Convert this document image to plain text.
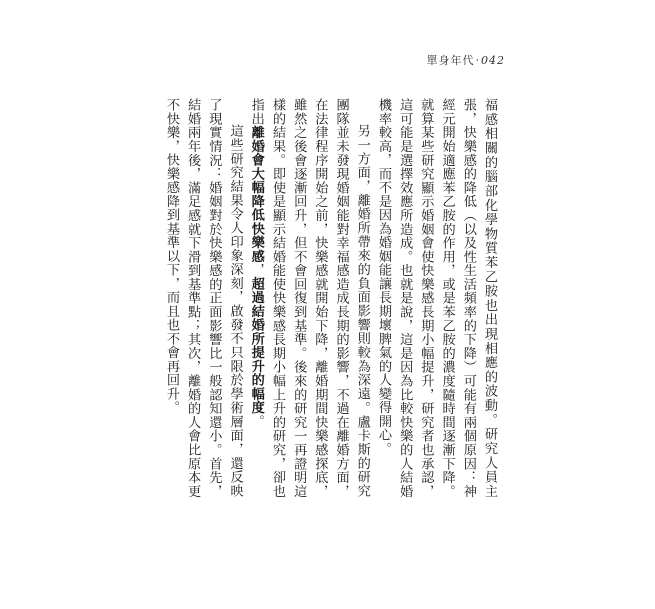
單身年代‧042

福感相關的腦部化學物質苯乙胺也出現相應的波動。研究人員主張，快樂感的降低（以及性生活頻率的下降）可能有兩個原因：神經元開始適應苯乙胺的作用，或是苯乙胺的濃度隨時間逐漸下降。就算某些研究顯示婚姻會使快樂感長期小幅提升，研究者也承認，這可能是選擇效應所造成。也就是說，這是因為比較快樂的人結婚機率較高，而不是因為婚姻能讓長期壞脾氣的人變得開心。

另一方面，離婚所帶來的負面影響則較為深遠。盧卡斯的研究團隊並未發現婚姻能對幸福感造成長期的影響，不過在離婚方面，在法律程序開始之前，快樂感就開始下降，離婚期間快樂感探底，雖然之後會逐漸回升，但不會回復到基準。後來的研究一再證明這樣的結果。即使是顯示結婚能使快樂感長期小幅上升的研究，卻也指出離婚會大幅降低快樂感，超過結婚所提升的幅度。

這些研究結果令人印象深刻，啟發不只限於學術層面，還反映了現實情況：婚姻對於快樂感的正面影響比一般認知還小。首先，結婚兩年後，滿足感就下滑到基準點；其次，離婚的人會比原本更不快樂，快樂感降到基準以下，而且也不會再回升。
